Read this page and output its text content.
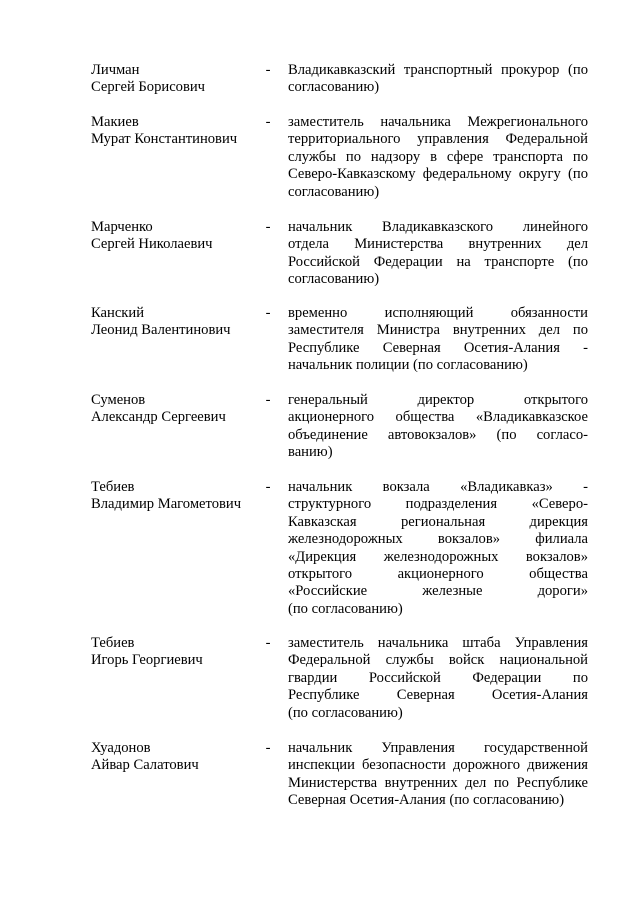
Личман
Сергей Борисович
- Владикавказский транспортный прокурор (по
согласованию)
Макиев
Мурат Константинович
- заместитель начальника Межрегионального
территориального управления Федеральной
службы по надзору в сфере транспорта по
Северо-Кавказскому федеральному округу (по
согласованию)
Марченко
Сергей Николаевич
- начальник Владикавказского линейного
отдела Министерства внутренних дел
Российской Федерации на транспорте (по
согласованию)
Канский
Леонид Валентинович
- временно исполняющий обязанности
заместителя Министра внутренних дел по
Республике Северная Осетия-Алания -
начальник полиции (по согласованию)
Суменов
Александр Сергеевич
- генеральный директор открытого
акционерного общества «Владикавказское
объединение автовокзалов» (по согласо-
ванию)
Тебиев
Владимир Магометович
- начальник вокзала «Владикавказ» -
структурного подразделения «Северо-
Кавказская региональная дирекция
железнодорожных вокзалов» филиала
«Дирекция железнодорожных вокзалов»
открытого акционерного общества
«Российские железные дороги»
(по согласованию)
Тебиев
Игорь Георгиевич
- заместитель начальника штаба Управления
Федеральной службы войск национальной
гвардии Российской Федерации по
Республике Северная Осетия-Алания
(по согласованию)
Хуадонов
Айвар Салатович
- начальник Управления государственной
инспекции безопасности дорожного движения
Министерства внутренних дел по Республике
Северная Осетия-Алания (по согласованию)
